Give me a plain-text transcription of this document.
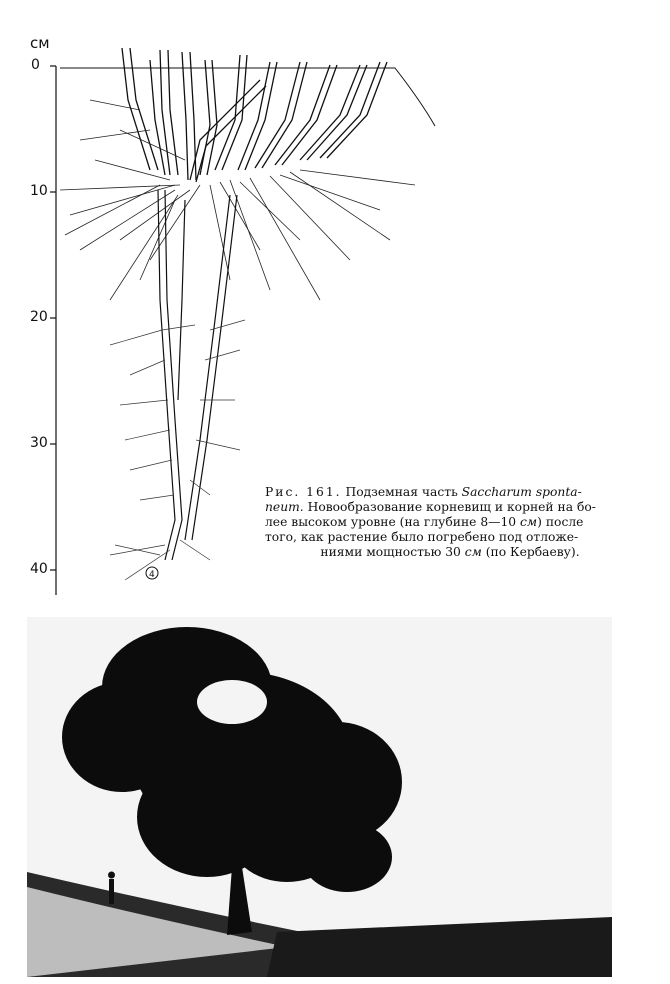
4
см
0
10
20
30
40
Рис. 161. Подземная часть Saccharum sponta-
neum. Новообразование корневищ и корней на бо-
лее высоком уровне (на глубине 8—10 см) после
того, как растение было погребено под отложе-

ниями мощностью 30 см (по Кербаеву).
